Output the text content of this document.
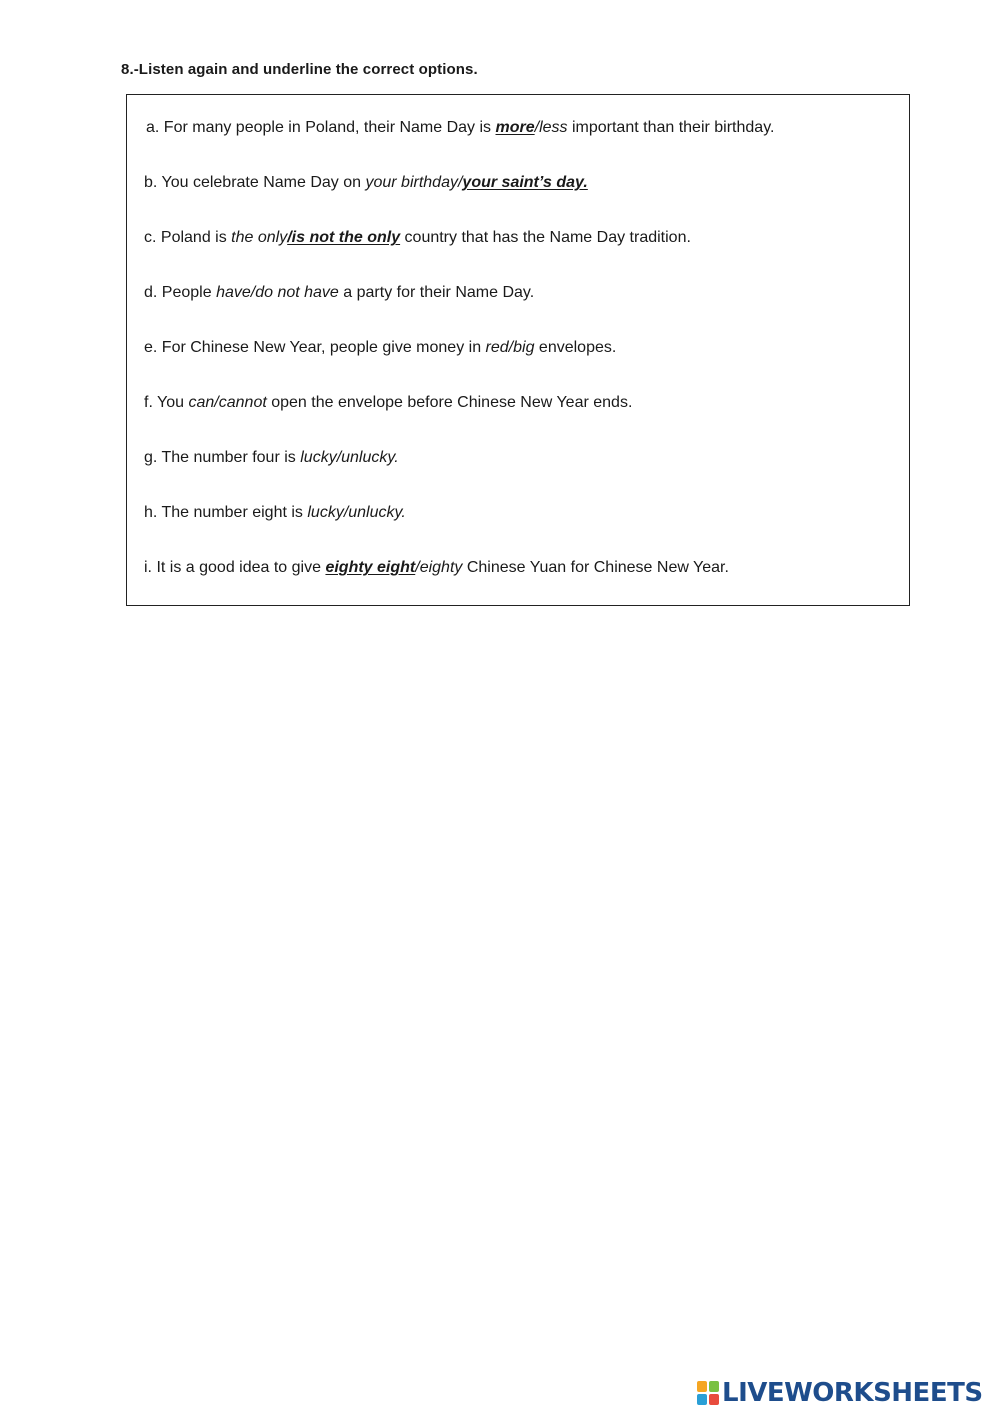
8.-Listen again and underline the correct options.
a. For many people in Poland, their Name Day is more/less important than their birthday.
b. You celebrate Name Day on your birthday/your saint’s day.
c. Poland is the only/is not the only country that has the Name Day tradition.
d. People have/do not have a party for their Name Day.
e. For Chinese New Year, people give money in red/big envelopes.
f. You can/cannot open the envelope before Chinese New Year ends.
g. The number four is lucky/unlucky.
h. The number eight is lucky/unlucky.
i. It is a good idea to give eighty eight/eighty Chinese Yuan for Chinese New Year.
LIVEWORKSHEETS
